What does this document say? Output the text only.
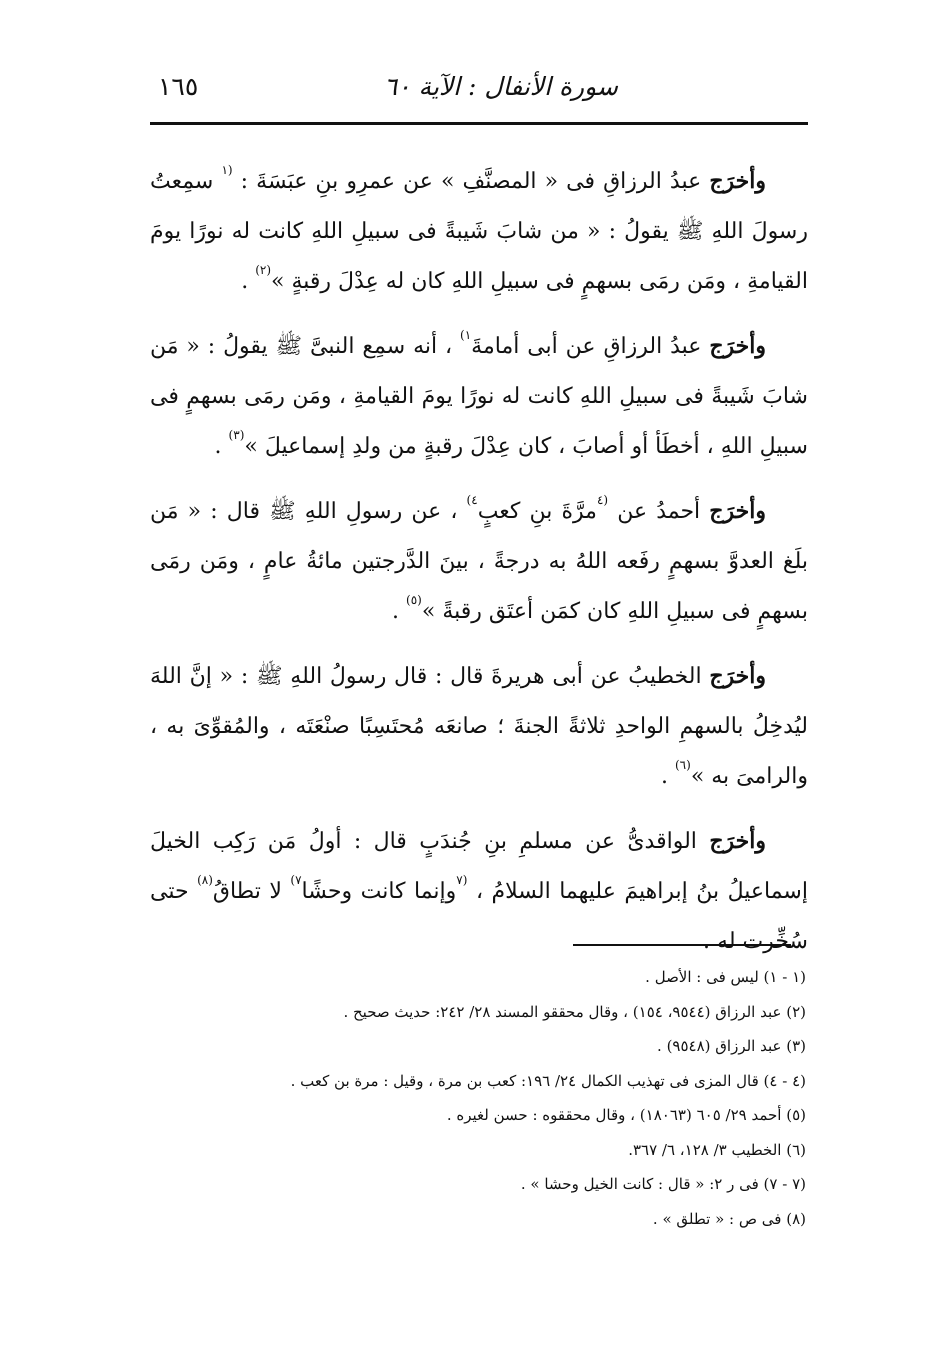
سورة الأنفال : الآية ٦٠
١٦٥

وأخرَج عبدُ الرزاقِ فى « المصنَّفِ » عن عمرِو بنِ عبَسَةَ : $^{(١}$ سمِعتُ رسولَ اللهِ ﷺ يقولُ : « من شابَ شَيبةً فى سبيلِ اللهِ كانت له نورًا يومَ القيامةِ ، ومَن رمَى بسهمٍ فى سبيلِ اللهِ كان له عِدْلَ رقبةٍ »$^{(٢)}$ .

وأخرَج عبدُ الرزاقِ عن أبى أمامةَ$^{١)}$ ، أنه سمِع النبىَّ ﷺ يقولُ : « مَن شابَ شَيبةً فى سبيلِ اللهِ كانت له نورًا يومَ القيامةِ ، ومَن رمَى بسهمٍ فى سبيلِ اللهِ ، أخطَأ أو أصابَ ، كان عِدْلَ رقبةٍ من ولدِ إسماعيلَ »$^{(٣)}$ .

وأخرَج أحمدُ عن $^{(٤}$مرَّةَ بنِ كعبٍ$^{٤)}$ ، عن رسولِ اللهِ ﷺ قال : « مَن بلَغ العدوَّ بسهمٍ رفَعه اللهُ به درجةً ، بينَ الدَّرجتين مائةُ عامٍ ، ومَن رمَى بسهمٍ فى سبيلِ اللهِ كان كمَن أعتَق رقبةً »$^{(٥)}$ .

وأخرَج الخطيبُ عن أبى هريرةَ قال : قال رسولُ اللهِ ﷺ : « إنَّ اللهَ ليُدخِلُ بالسهمِ الواحدِ ثلاثةً الجنةَ ؛ صانعَه مُحتَسِبًا صنْعَتَه ، والمُقوِّىَ به ، والرامىَ به »$^{(٦)}$ .

وأخرَج الواقدىُّ عن مسلمِ بنِ جُندَبٍ قال : أولُ مَن رَكِب الخيلَ إسماعيلُ بنُ إبراهيمَ عليهما السلامُ ، $^{(٧}$وإنما كانت وحشًا$^{٧)}$ لا تطاقُ$^{(٨)}$ حتى سُخِّرت له .

(١ - ١) ليس فى : الأصل .
(٢) عبد الرزاق (٩٥٤٤، ١٥٤) ، وقال محققو المسند ٢٨/ ٢٤٢: حديث صحيح .
(٣) عبد الرزاق (٩٥٤٨) .
(٤ - ٤) قال المزى فى تهذيب الكمال ٢٤/ ١٩٦: كعب بن مرة ، وقيل : مرة بن كعب .
(٥) أحمد ٢٩/ ٦٠٥ (١٨٠٦٣) ، وقال محققوه : حسن لغيره .
(٦) الخطيب ٣/ ١٢٨، ٦/ ٣٦٧.
(٧ - ٧) فى ر ٢: « قال : كانت الخيل وحشا » .
(٨) فى ص : « تطلق » .
